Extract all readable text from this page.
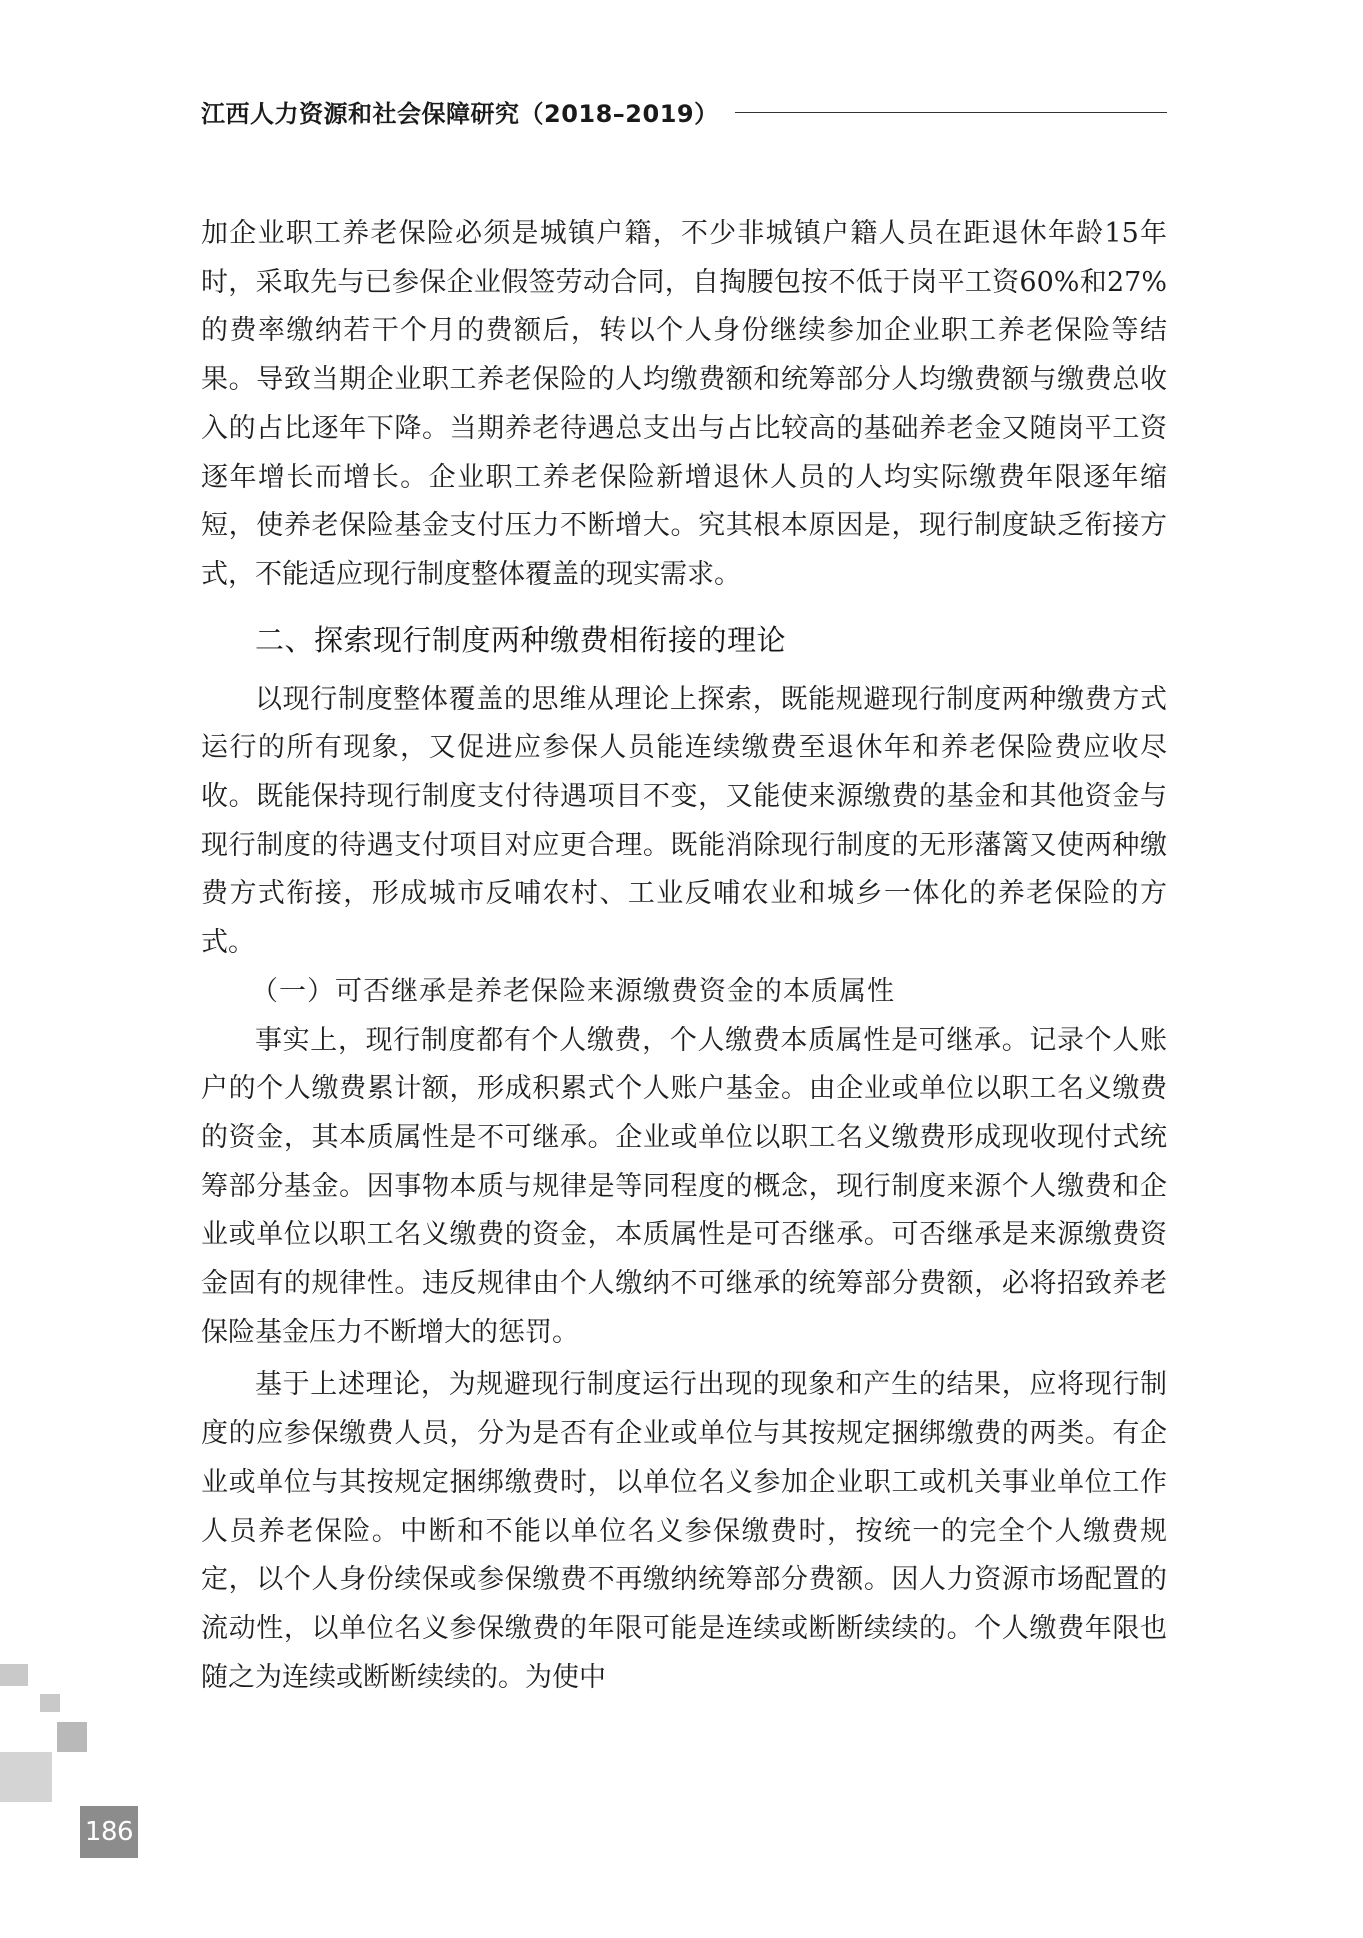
江西人力资源和社会保障研究（2018–2019）

加企业职工养老保险必须是城镇户籍，不少非城镇户籍人员在距退休年龄15年时，采取先与已参保企业假签劳动合同，自掏腰包按不低于岗平工资60%和27%的费率缴纳若干个月的费额后，转以个人身份继续参加企业职工养老保险等结果。导致当期企业职工养老保险的人均缴费额和统筹部分人均缴费额与缴费总收入的占比逐年下降。当期养老待遇总支出与占比较高的基础养老金又随岗平工资逐年增长而增长。企业职工养老保险新增退休人员的人均实际缴费年限逐年缩短，使养老保险基金支付压力不断增大。究其根本原因是，现行制度缺乏衔接方式，不能适应现行制度整体覆盖的现实需求。

二、探索现行制度两种缴费相衔接的理论

以现行制度整体覆盖的思维从理论上探索，既能规避现行制度两种缴费方式运行的所有现象，又促进应参保人员能连续缴费至退休年和养老保险费应收尽收。既能保持现行制度支付待遇项目不变，又能使来源缴费的基金和其他资金与现行制度的待遇支付项目对应更合理。既能消除现行制度的无形藩篱又使两种缴费方式衔接，形成城市反哺农村、工业反哺农业和城乡一体化的养老保险的方式。

（一）可否继承是养老保险来源缴费资金的本质属性

事实上，现行制度都有个人缴费，个人缴费本质属性是可继承。记录个人账户的个人缴费累计额，形成积累式个人账户基金。由企业或单位以职工名义缴费的资金，其本质属性是不可继承。企业或单位以职工名义缴费形成现收现付式统筹部分基金。因事物本质与规律是等同程度的概念，现行制度来源个人缴费和企业或单位以职工名义缴费的资金，本质属性是可否继承。可否继承是来源缴费资金固有的规律性。违反规律由个人缴纳不可继承的统筹部分费额，必将招致养老保险基金压力不断增大的惩罚。

基于上述理论，为规避现行制度运行出现的现象和产生的结果，应将现行制度的应参保缴费人员，分为是否有企业或单位与其按规定捆绑缴费的两类。有企业或单位与其按规定捆绑缴费时，以单位名义参加企业职工或机关事业单位工作人员养老保险。中断和不能以单位名义参保缴费时，按统一的完全个人缴费规定，以个人身份续保或参保缴费不再缴纳统筹部分费额。因人力资源市场配置的流动性，以单位名义参保缴费的年限可能是连续或断断续续的。个人缴费年限也随之为连续或断断续续的。为使中

186
